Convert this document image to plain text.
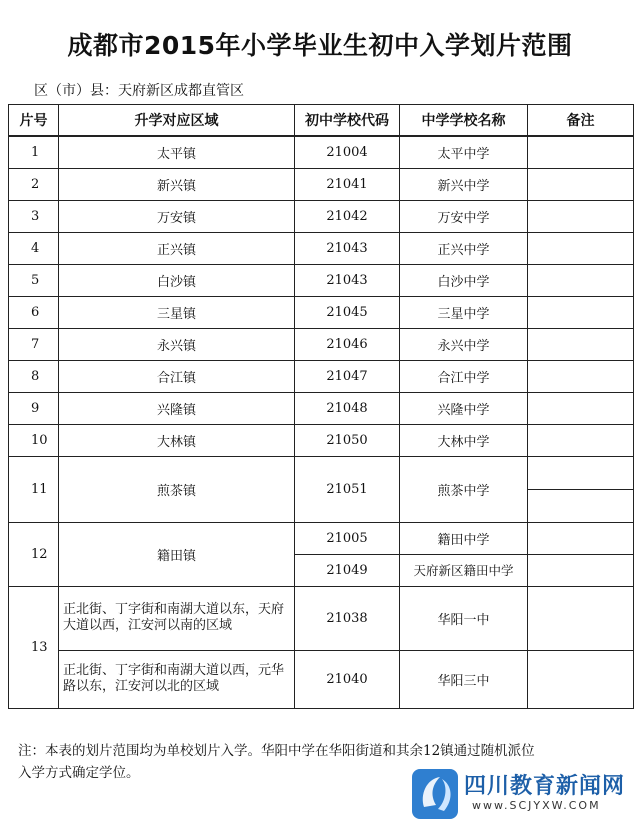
成都市2015年小学毕业生初中入学划片范围
区（市）县：天府新区成都直管区
片号	升学对应区域	初中学校代码	中学学校名称	备注
1	太平镇	21004	太平中学	
2	新兴镇	21041	新兴中学	
3	万安镇	21042	万安中学	
4	正兴镇	21043	正兴中学	
5	白沙镇	21043	白沙中学	
6	三星镇	21045	三星中学	
7	永兴镇	21046	永兴中学	
8	合江镇	21047	合江中学	
9	兴隆镇	21048	兴隆中学	
10	大林镇	21050	大林中学	
11	煎茶镇	21051	煎茶中学	

12	籍田镇	21005	籍田中学	
		21049	天府新区籍田中学	
13	正北街、丁字街和南湖大道以东，天府大道以西，江安河以南的区域	21038	华阳一中	
	正北街、丁字街和南湖大道以西，元华路以东，江安河以北的区域	21040	华阳三中	
注：本表的划片范围均为单校划片入学。华阳中学在华阳街道和其余12镇通过随机派位
入学方式确定学位。
四川教育新闻网
www.SCJYXW.COM
